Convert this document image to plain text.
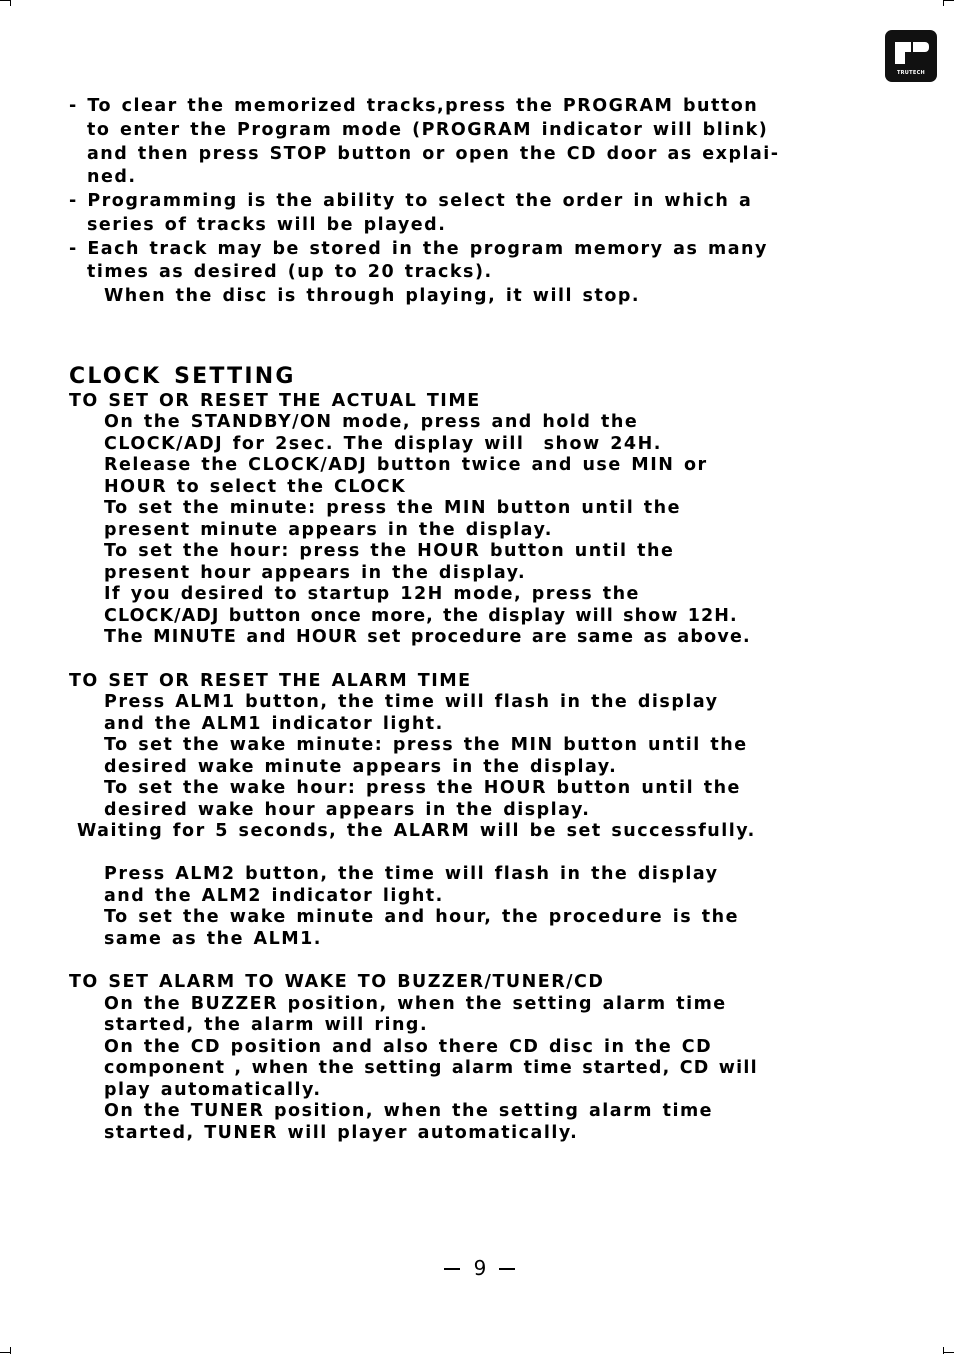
TRUTECH
- To clear the memorized tracks,press the PROGRAM button
to enter the Program mode (PROGRAM indicator will blink)
and then press STOP button or open the CD door as explai-
ned.
- Programming is the ability to select the order in which a
series of tracks will be played.
- Each track may be stored in the program memory as many
times as desired (up to 20 tracks).
When the disc is through playing, it will stop.
CLOCK SETTING
TO SET OR RESET THE ACTUAL TIME
On the STANDBY/ON mode, press and hold the
CLOCK/ADJ for 2sec. The display will  show 24H.
Release the CLOCK/ADJ button twice and use MIN or
HOUR to select the CLOCK
To set the minute: press the MIN button until the
present minute appears in the display.
To set the hour: press the HOUR button until the
present hour appears in the display.
If you desired to startup 12H mode, press the
CLOCK/ADJ button once more, the display will show 12H.
The MINUTE and HOUR set procedure are same as above.
TO SET OR RESET THE ALARM TIME
Press ALM1 button, the time will flash in the display
and the ALM1 indicator light.
To set the wake minute: press the MIN button until the
desired wake minute appears in the display.
To set the wake hour: press the HOUR button until the
desired wake hour appears in the display.
Waiting for 5 seconds, the ALARM will be set successfully.
Press ALM2 button, the time will flash in the display
and the ALM2 indicator light.
To set the wake minute and hour, the procedure is the
same as the ALM1.
TO SET ALARM TO WAKE TO BUZZER/TUNER/CD
On the BUZZER position, when the setting alarm time
started, the alarm will ring.
On the CD position and also there CD disc in the CD
component , when the setting alarm time started, CD will
play automatically.
On the TUNER position, when the setting alarm time
started, TUNER will player automatically.
9
